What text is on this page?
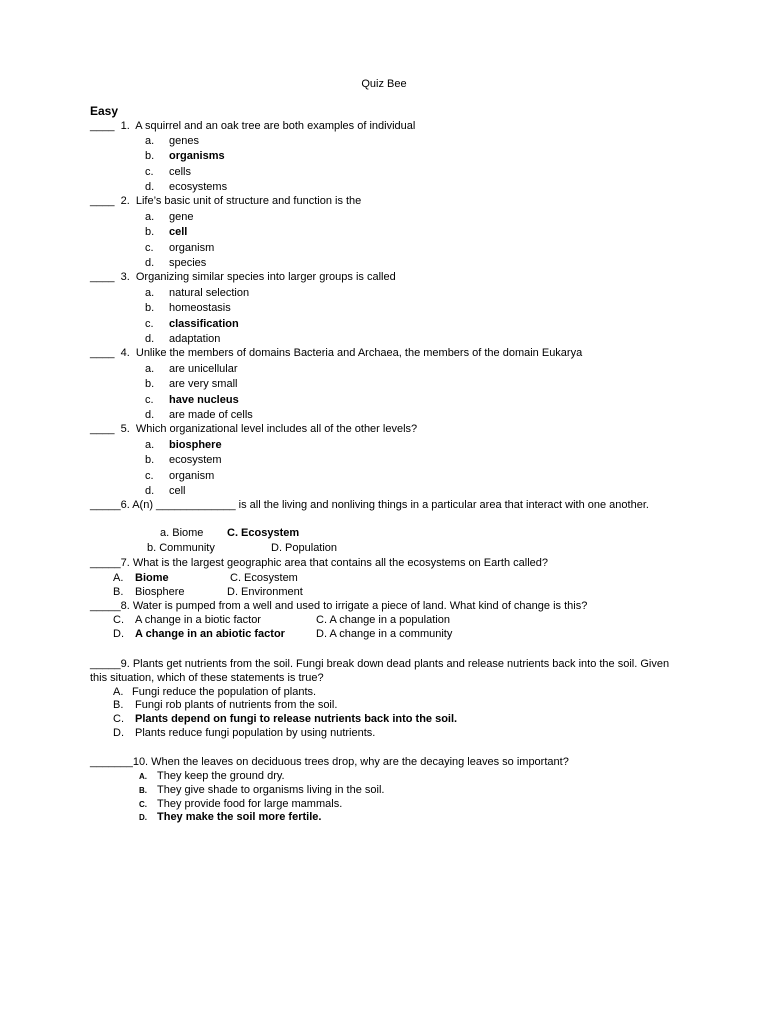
Quiz Bee
Easy
____  1.  A squirrel and an oak tree are both examples of individual
a. genes
b. organisms
c. cells
d. ecosystems
____  2.  Life’s basic unit of structure and function is the
a. gene
b. cell
c. organism
d. species
____  3.  Organizing similar species into larger groups is called
a. natural selection
b. homeostasis
c. classification
d. adaptation
____  4.  Unlike the members of domains Bacteria and Archaea, the members of the domain Eukarya
a. are unicellular
b. are very small
c. have nucleus
d. are made of cells
____  5.  Which organizational level includes all of the other levels?
a. biosphere
b. ecosystem
c. organism
d. cell
_____6. A(n) _____________ is all the living and nonliving things in a particular area that interact with one another.
a. Biome C. Ecosystem
b. Community	D. Population
_____7. What is the largest geographic area that contains all the ecosystems on Earth called?
A. Biome	C. Ecosystem
B. Biosphere	D. Environment
_____8. Water is pumped from a well and used to irrigate a piece of land. What kind of change is this?
C. A change in a biotic factor	C. A change in a population
D. A change in an abiotic factor	D. A change in a community
_____9. Plants get nutrients from the soil. Fungi break down dead plants and release nutrients back into the soil. Given this situation, which of these statements is true?
A. Fungi reduce the population of plants.
B. Fungi rob plants of nutrients from the soil.
C. Plants depend on fungi to release nutrients back into the soil.
D. Plants reduce fungi population by using nutrients.
_______10. When the leaves on deciduous trees drop, why are the decaying leaves so important?
A. They keep the ground dry.
B. They give shade to organisms living in the soil.
C. They provide food for large mammals.
D. They make the soil more fertile.
